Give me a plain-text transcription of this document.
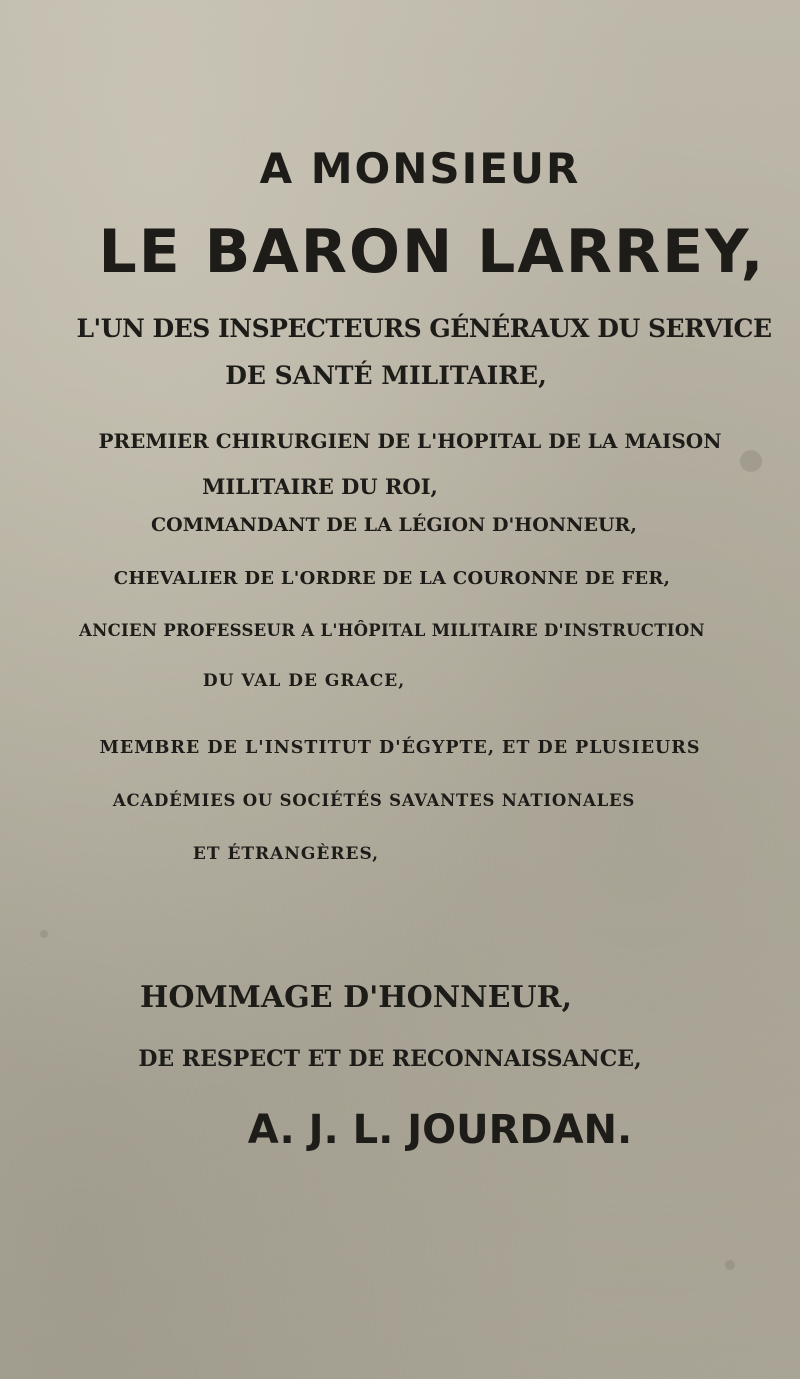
A MONSIEUR
LE BARON LARREY,
L'UN DES INSPECTEURS GÉNÉRAUX DU SERVICE
DE SANTÉ MILITAIRE,
PREMIER CHIRURGIEN DE L'HOPITAL DE LA MAISON
MILITAIRE DU ROI,
COMMANDANT DE LA LÉGION D'HONNEUR,
CHEVALIER DE L'ORDRE DE LA COURONNE DE FER,
ANCIEN PROFESSEUR A L'HÔPITAL MILITAIRE D'INSTRUCTION
DU VAL DE GRACE,
MEMBRE DE L'INSTITUT D'ÉGYPTE, ET DE PLUSIEURS
ACADÉMIES OU SOCIÉTÉS SAVANTES NATIONALES
ET ÉTRANGÈRES,
HOMMAGE D'HONNEUR,
DE RESPECT ET DE RECONNAISSANCE,
A. J. L. JOURDAN.
